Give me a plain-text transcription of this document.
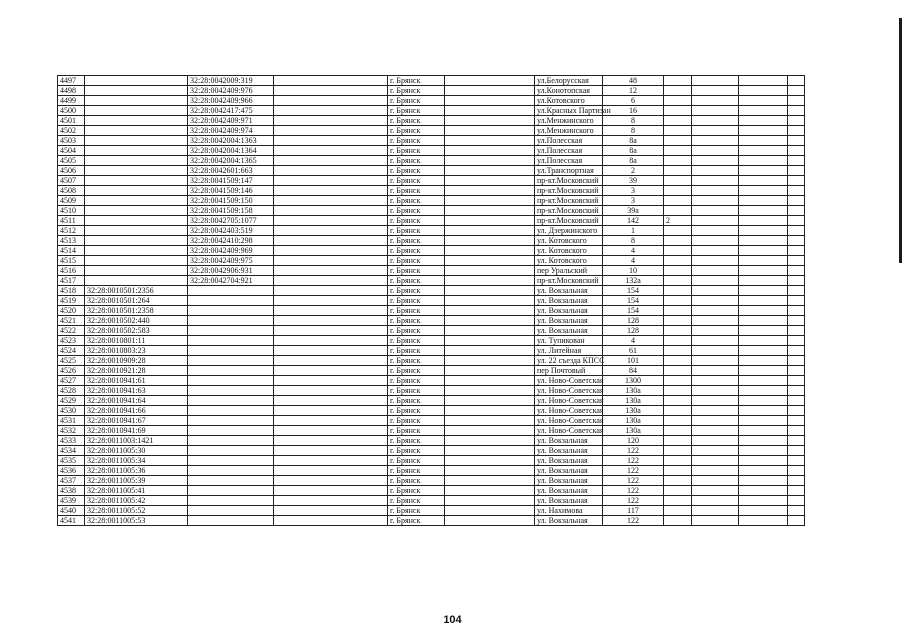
4497		32:28:0042009:319		г. Брянск		ул.Белорусская	48				
4498		32:28:0042409:976		г. Брянск		ул.Конотопская	12				
4499		32:28:0042409:966		г. Брянск		ул.Котовского	6				
4500		32:28:0042417:475		г. Брянск		ул.Красных Партизан	16				
4501		32:28:0042409:971		г. Брянск		ул.Менжинского	8				
4502		32:28:0042409:974		г. Брянск		ул.Менжинского	8				
4503		32:28:0042004:1363		г. Брянск		ул.Полесская	8а				
4504		32:28:0042004:1364		г. Брянск		ул.Полесская	8а				
4505		32:28:0042004:1365		г. Брянск		ул.Полесская	8а				
4506		32:28:0042601:663		г. Брянск		ул.Транспортная	2				
4507		32:28:0041509:147		г. Брянск		пр-кт.Московский	39				
4508		32:28:0041509:146		г. Брянск		пр-кт.Московский	3				
4509		32:28:0041509:150		г. Брянск		пр-кт.Московский	3				
4510		32:28:0041509:158		г. Брянск		пр-кт.Московский	39а				
4511		32:28:0042705:1077		г. Брянск		пр-кт.Московский	142	2			
4512		32:28:0042403:519		г. Брянск		ул. Дзержинского	1				
4513		32:28:0042410:298		г. Брянск		ул. Котовского	8				
4514		32:28:0042409:969		г. Брянск		ул. Котовского	4				
4515		32:28:0042409:975		г. Брянск		ул. Котовского	4				
4516		32:28:0042906:931		г. Брянск		пер Уральский	10				
4517		32:28:0042704:921		г. Брянск		пр-кт.Московский	132а				
4518	32:28:0010501:2356			г. Брянск		ул. Вокзальная	154				
4519	32:28:0010501:264			г. Брянск		ул. Вокзальная	154				
4520	32:28:0010501:2358			г. Брянск		ул. Вокзальная	154				
4521	32:28:0010502:440			г. Брянск		ул. Вокзальная	128				
4522	32:28:0010502:583			г. Брянск		ул. Вокзальная	128				
4523	32:28:0010801:11			г. Брянск		ул. Тупикован	4				
4524	32:28:0010803:23			г. Брянск		ул. Литейная	61				
4525	32:28:0010909:28			г. Брянск		ул. 22 съезда КПСС	101				
4526	32:28:0010921:28			г. Брянск		пер Почтовый	84				
4527	32:28:0010941:61			г. Брянск		ул. Ново-Советская	1300				
4528	32:28:0010941:63			г. Брянск		ул. Ново-Советская	130а				
4529	32:28:0010941:64			г. Брянск		ул. Ново-Советская	130а				
4530	32:28:0010941:66			г. Брянск		ул. Ново-Советская	130а				
4531	32:28:0010941:67			г. Брянск		ул. Ново-Советская	130а				
4532	32:28:0010941:69			г. Брянск		ул. Ново-Советская	130а				
4533	32:28:0011003:1421			г. Брянск		ул. Вокзальная	120				
4534	32:28:0011005:30			г. Брянск		ул. Вокзальная	122				
4535	32:28:0011005:34			г. Брянск		ул. Вокзальная	122				
4536	32:28:0011005:36			г. Брянск		ул. Вокзальная	122				
4537	32:28:0011005:39			г. Брянск		ул. Вокзальная	122				
4538	32:28:0011005:41			г. Брянск		ул. Вокзальная	122				
4539	32:28:0011005:42			г. Брянск		ул. Вокзальная	122				
4540	32:28:0011005:52			г. Брянск		ул. Нахимова	117				
4541	32:28:0011005:53			г. Брянск		ул. Вокзальная	122				
104
